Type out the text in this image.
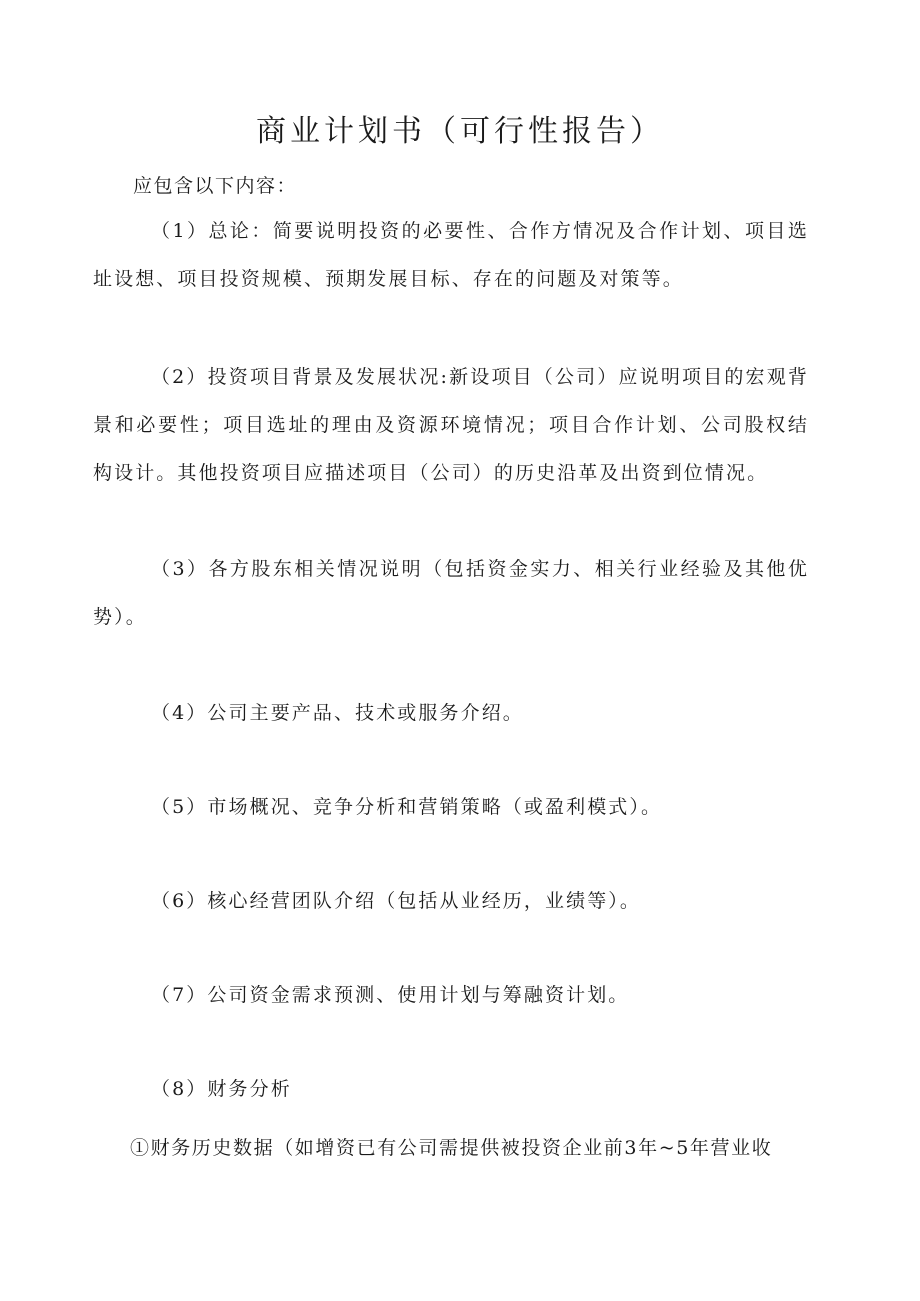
商业计划书（可行性报告）
应包含以下内容：
（1）总论：简要说明投资的必要性、合作方情况及合作计划、项目选址设想、项目投资规模、预期发展目标、存在的问题及对策等。
（2）投资项目背景及发展状况:新设项目（公司）应说明项目的宏观背景和必要性；项目选址的理由及资源环境情况；项目合作计划、公司股权结构设计。其他投资项目应描述项目（公司）的历史沿革及出资到位情况。
（3）各方股东相关情况说明（包括资金实力、相关行业经验及其他优势）。
（4）公司主要产品、技术或服务介绍。
（5）市场概况、竞争分析和营销策略（或盈利模式）。
（6）核心经营团队介绍（包括从业经历，业绩等）。
（7）公司资金需求预测、使用计划与筹融资计划。
（8）财务分析
①财务历史数据（如增资已有公司需提供被投资企业前3年~5年营业收
